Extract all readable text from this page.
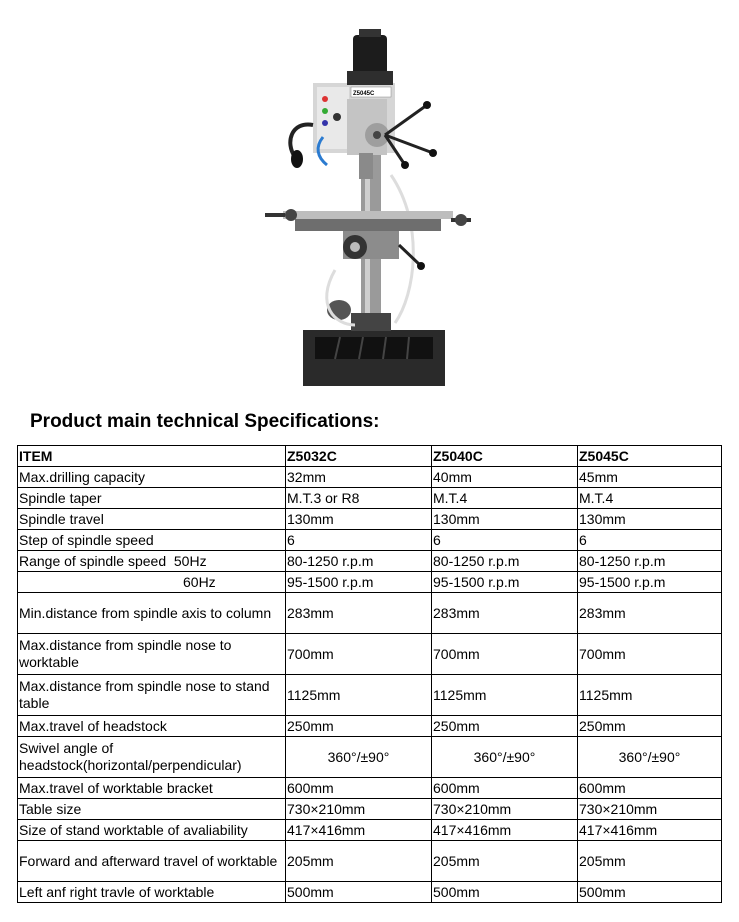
Z5045C
Product main technical Specifications:
ITEM	Z5032C	Z5040C	Z5045C
Max.drilling capacity	32mm	40mm	45mm
Spindle taper	M.T.3 or R8	M.T.4	M.T.4
Spindle travel	130mm	130mm	130mm
Step of spindle speed	6	6	6
Range of spindle speed  50Hz	80-1250 r.p.m	80-1250 r.p.m	80-1250 r.p.m
60Hz	95-1500 r.p.m	95-1500 r.p.m	95-1500 r.p.m
Min.distance from spindle axis to column	283mm	283mm	283mm
Max.distance from spindle nose to worktable	700mm	700mm	700mm
Max.distance from spindle nose to stand table	1125mm	1125mm	1125mm
Max.travel of headstock	250mm	250mm	250mm
Swivel angle of headstock(horizontal/perpendicular)	360°/±90°	360°/±90°	360°/±90°
Max.travel of worktable bracket	600mm	600mm	600mm
Table size	730×210mm	730×210mm	730×210mm
Size of stand worktable of avaliability	417×416mm	417×416mm	417×416mm
Forward and afterward travel of worktable	205mm	205mm	205mm
Left anf right travle of worktable	500mm	500mm	500mm
